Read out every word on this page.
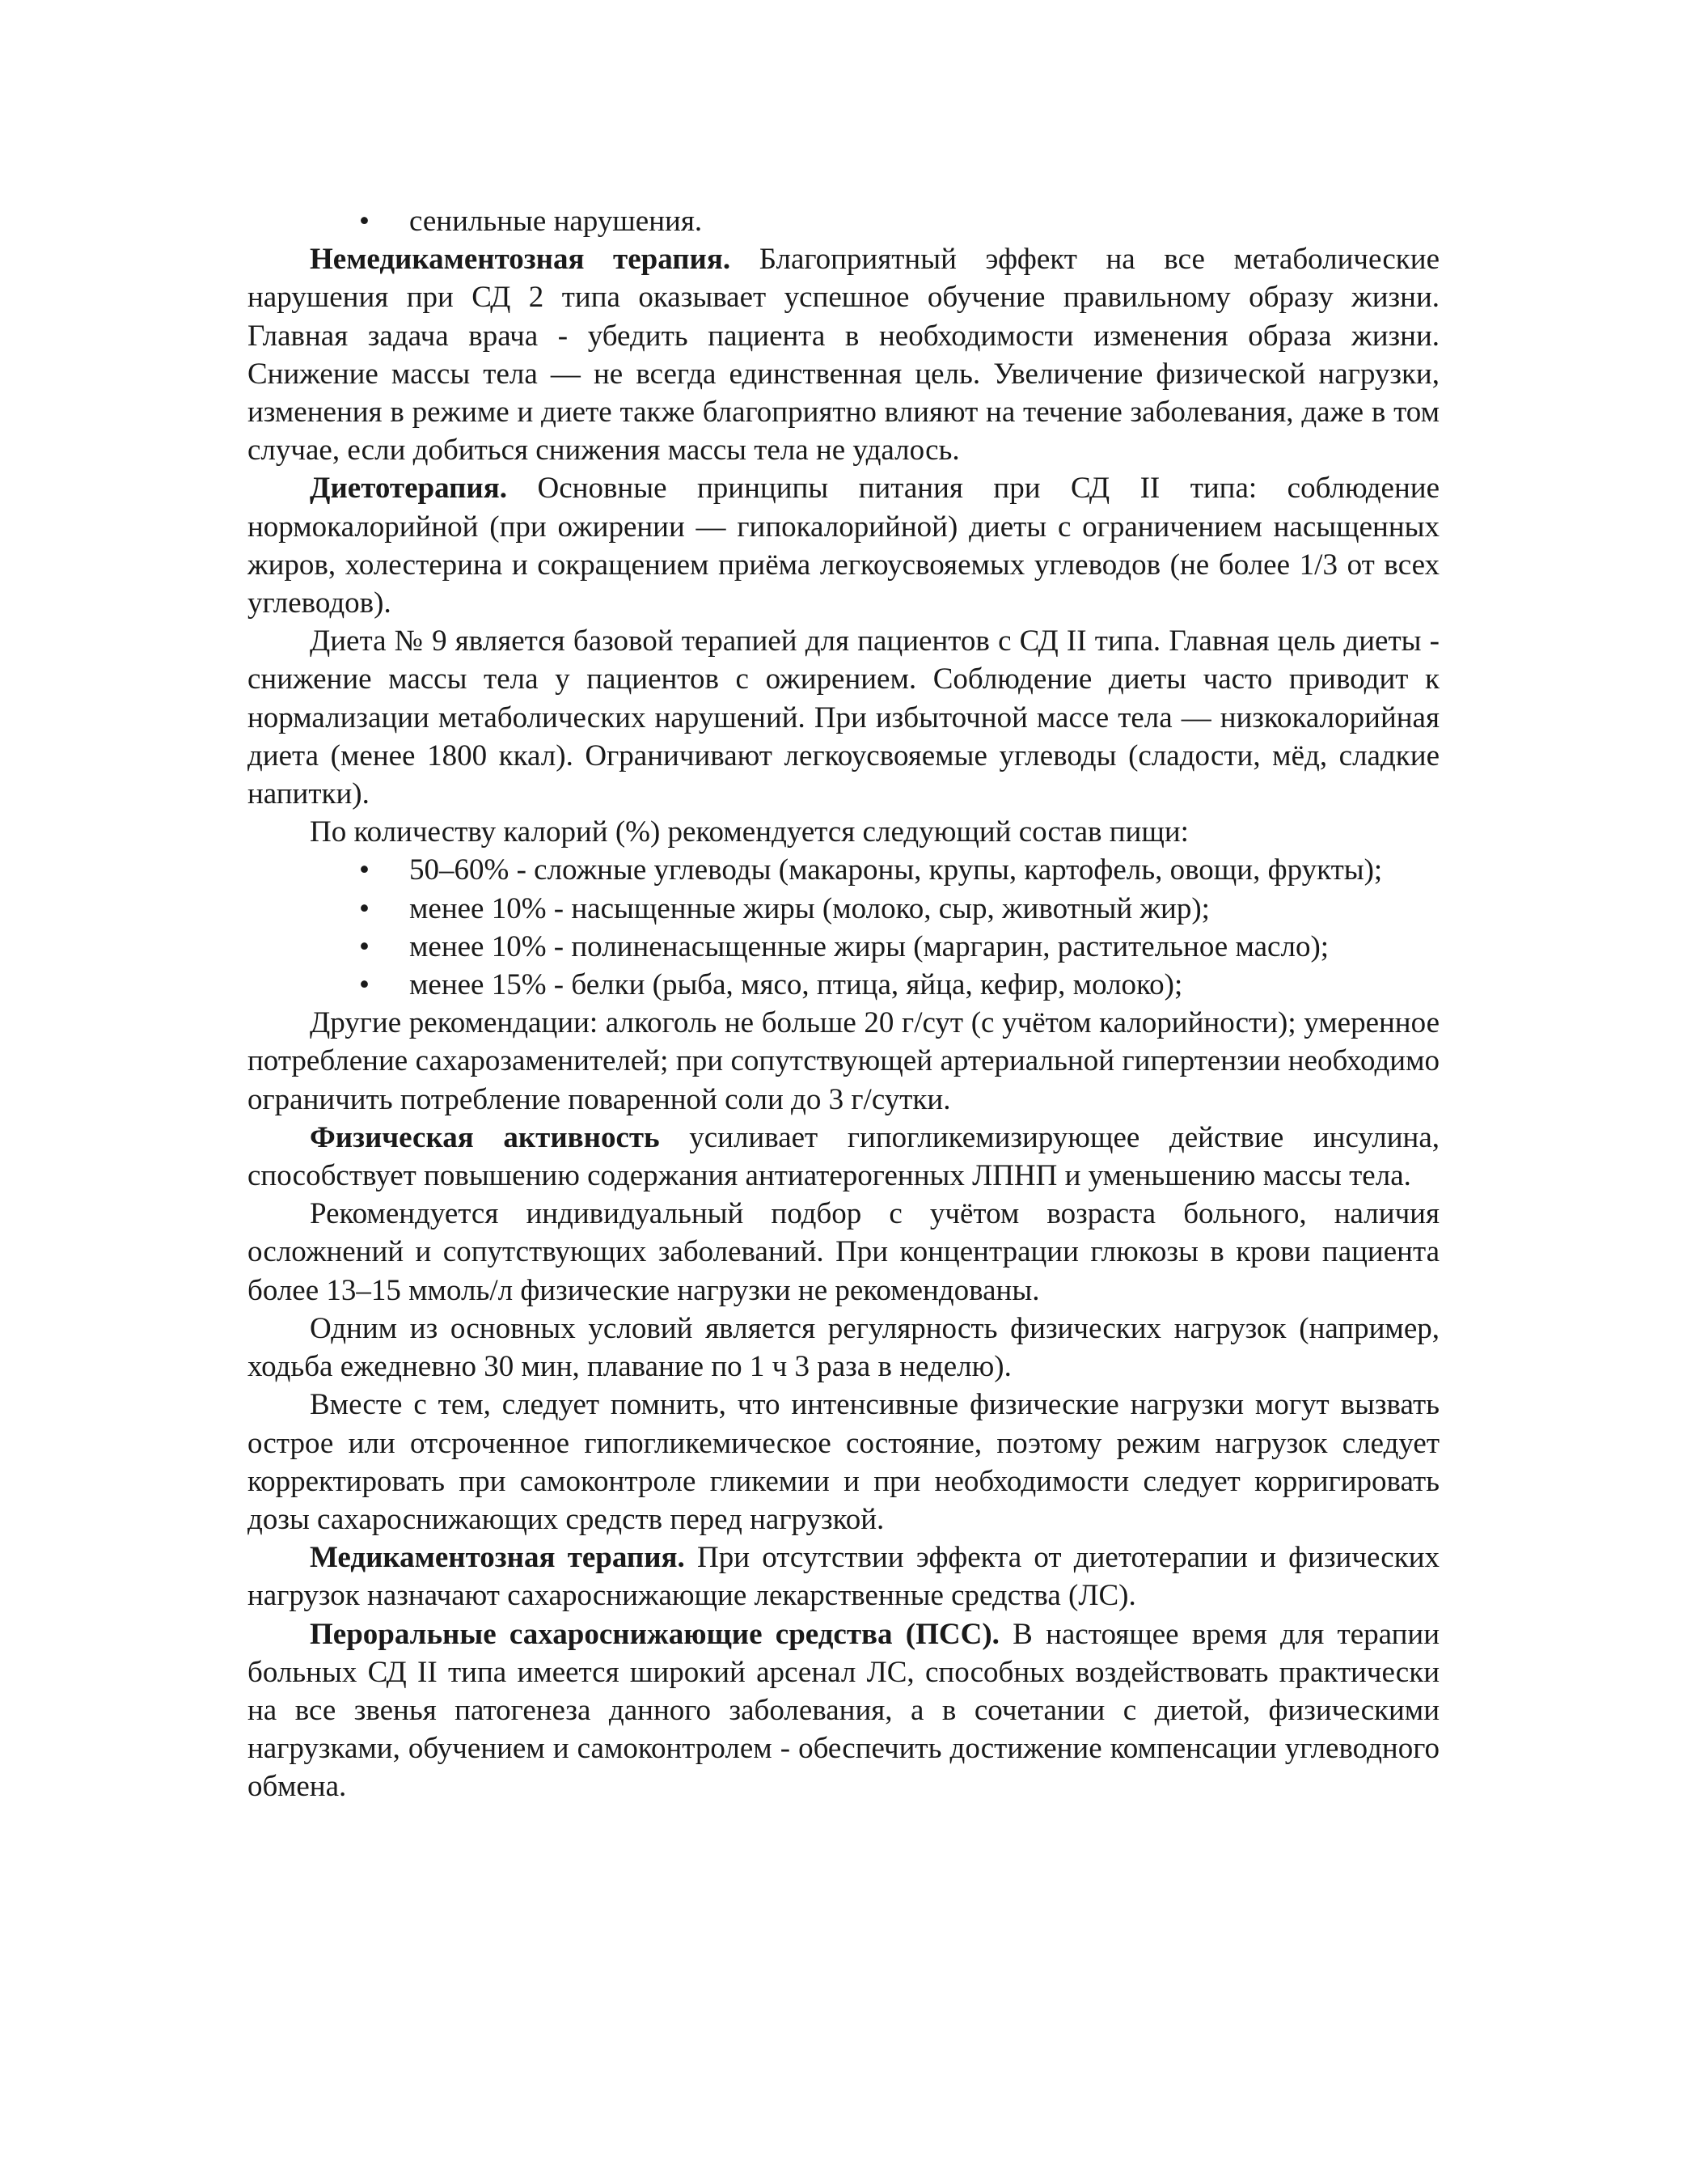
• сенильные нарушения.

Немедикаментозная терапия. Благоприятный эффект на все метаболические нарушения при СД 2 типа оказывает успешное обучение правильному образу жизни. Главная задача врача - убедить пациента в необходимости изменения образа жизни. Снижение массы тела — не всегда единственная цель. Увеличение физической нагрузки, изменения в режиме и диете также благоприятно влияют на течение заболевания, даже в том случае, если добиться снижения массы тела не удалось.

Диетотерапия. Основные принципы питания при СД II типа: соблюдение нормокалорийной (при ожирении — гипокалорийной) диеты с ограничением насыщенных жиров, холестерина и сокращением приёма легкоусвояемых углеводов (не более 1/3 от всех углеводов).

Диета № 9 является базовой терапией для пациентов с СД II типа. Главная цель диеты - снижение массы тела у пациентов с ожирением. Соблюдение диеты часто приводит к нормализации метаболических нарушений. При избыточной массе тела — низкокалорийная диета (менее 1800 ккал). Ограничивают легкоусвояемые углеводы (сладости, мёд, сладкие напитки).

По количеству калорий (%) рекомендуется следующий состав пищи:

• 50–60% - сложные углеводы (макароны, крупы, картофель, овощи, фрукты);
• менее 10% - насыщенные жиры (молоко, сыр, животный жир);
• менее 10% - полиненасыщенные жиры (маргарин, растительное масло);
• менее 15% - белки (рыба, мясо, птица, яйца, кефир, молоко);

Другие рекомендации: алкоголь не больше 20 г/сут (с учётом калорийности); умеренное потребление сахарозаменителей; при сопутствующей артериальной гипертензии необходимо ограничить потребление поваренной соли до 3 г/сутки.

Физическая активность усиливает гипогликемизирующее действие инсулина, способствует повышению содержания антиатерогенных ЛПНП и уменьшению массы тела.

Рекомендуется индивидуальный подбор с учётом возраста больного, наличия осложнений и сопутствующих заболеваний. При концентрации глюкозы в крови пациента более 13–15 ммоль/л физические нагрузки не рекомендованы.

Одним из основных условий является регулярность физических нагрузок (например, ходьба ежедневно 30 мин, плавание по 1 ч 3 раза в неделю).

Вместе с тем, следует помнить, что интенсивные физические нагрузки могут вызвать острое или отсроченное гипогликемическое состояние, поэтому режим нагрузок следует корректировать при самоконтроле гликемии и при необходимости следует корригировать дозы сахароснижающих средств перед нагрузкой.

Медикаментозная терапия. При отсутствии эффекта от диетотерапии и физических нагрузок назначают сахароснижающие лекарственные средства (ЛС).

Пероральные сахароснижающие средства (ПСС). В настоящее время для терапии больных СД II типа имеется широкий арсенал ЛС, способных воздействовать практически на все звенья патогенеза данного заболевания, а в сочетании с диетой, физическими нагрузками, обучением и самоконтролем - обеспечить достижение компенсации углеводного обмена.
